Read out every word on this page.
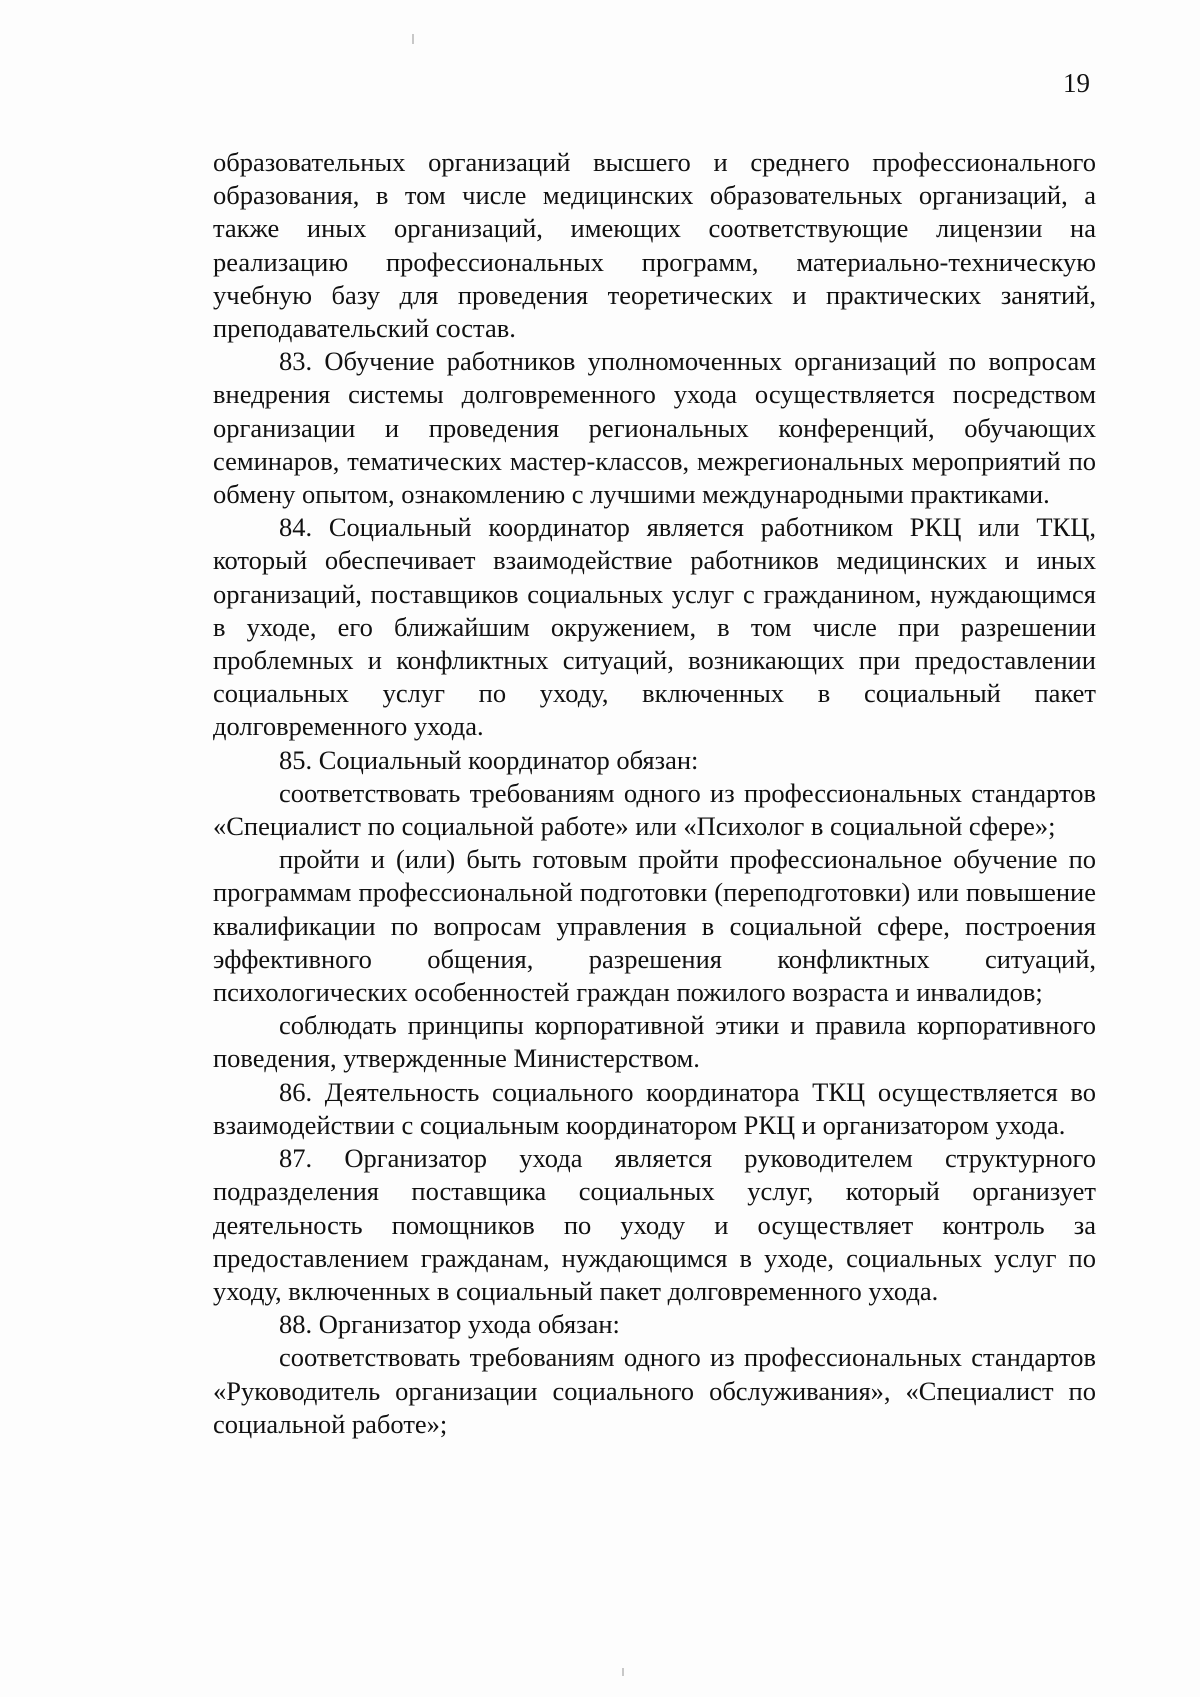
19

образовательных организаций высшего и среднего профессионального образования, в том числе медицинских образовательных организаций, а также иных организаций, имеющих соответствующие лицензии на реализацию профессиональных программ, материально-техническую учебную базу для проведения теоретических и практических занятий, преподавательский состав.

83. Обучение работников уполномоченных организаций по вопросам внедрения системы долговременного ухода осуществляется посредством организации и проведения региональных конференций, обучающих семинаров, тематических мастер-классов, межрегиональных мероприятий по обмену опытом, ознакомлению с лучшими международными практиками.

84. Социальный координатор является работником РКЦ или ТКЦ, который обеспечивает взаимодействие работников медицинских и иных организаций, поставщиков социальных услуг с гражданином, нуждающимся в уходе, его ближайшим окружением, в том числе при разрешении проблемных и конфликтных ситуаций, возникающих при предоставлении социальных услуг по уходу, включенных в социальный пакет долговременного ухода.

85. Социальный координатор обязан:

соответствовать требованиям одного из профессиональных стандартов «Специалист по социальной работе» или «Психолог в социальной сфере»;

пройти и (или) быть готовым пройти профессиональное обучение по программам профессиональной подготовки (переподготовки) или повышение квалификации по вопросам управления в социальной сфере, построения эффективного общения, разрешения конфликтных ситуаций, психологических особенностей граждан пожилого возраста и инвалидов;

соблюдать принципы корпоративной этики и правила корпоративного поведения, утвержденные Министерством.

86. Деятельность социального координатора ТКЦ осуществляется во взаимодействии с социальным координатором РКЦ и организатором ухода.

87. Организатор ухода является руководителем структурного подразделения поставщика социальных услуг, который организует деятельность помощников по уходу и осуществляет контроль за предоставлением гражданам, нуждающимся в уходе, социальных услуг по уходу, включенных в социальный пакет долговременного ухода.

88. Организатор ухода обязан:

соответствовать требованиям одного из профессиональных стандартов «Руководитель организации социального обслуживания», «Специалист по социальной работе»;
